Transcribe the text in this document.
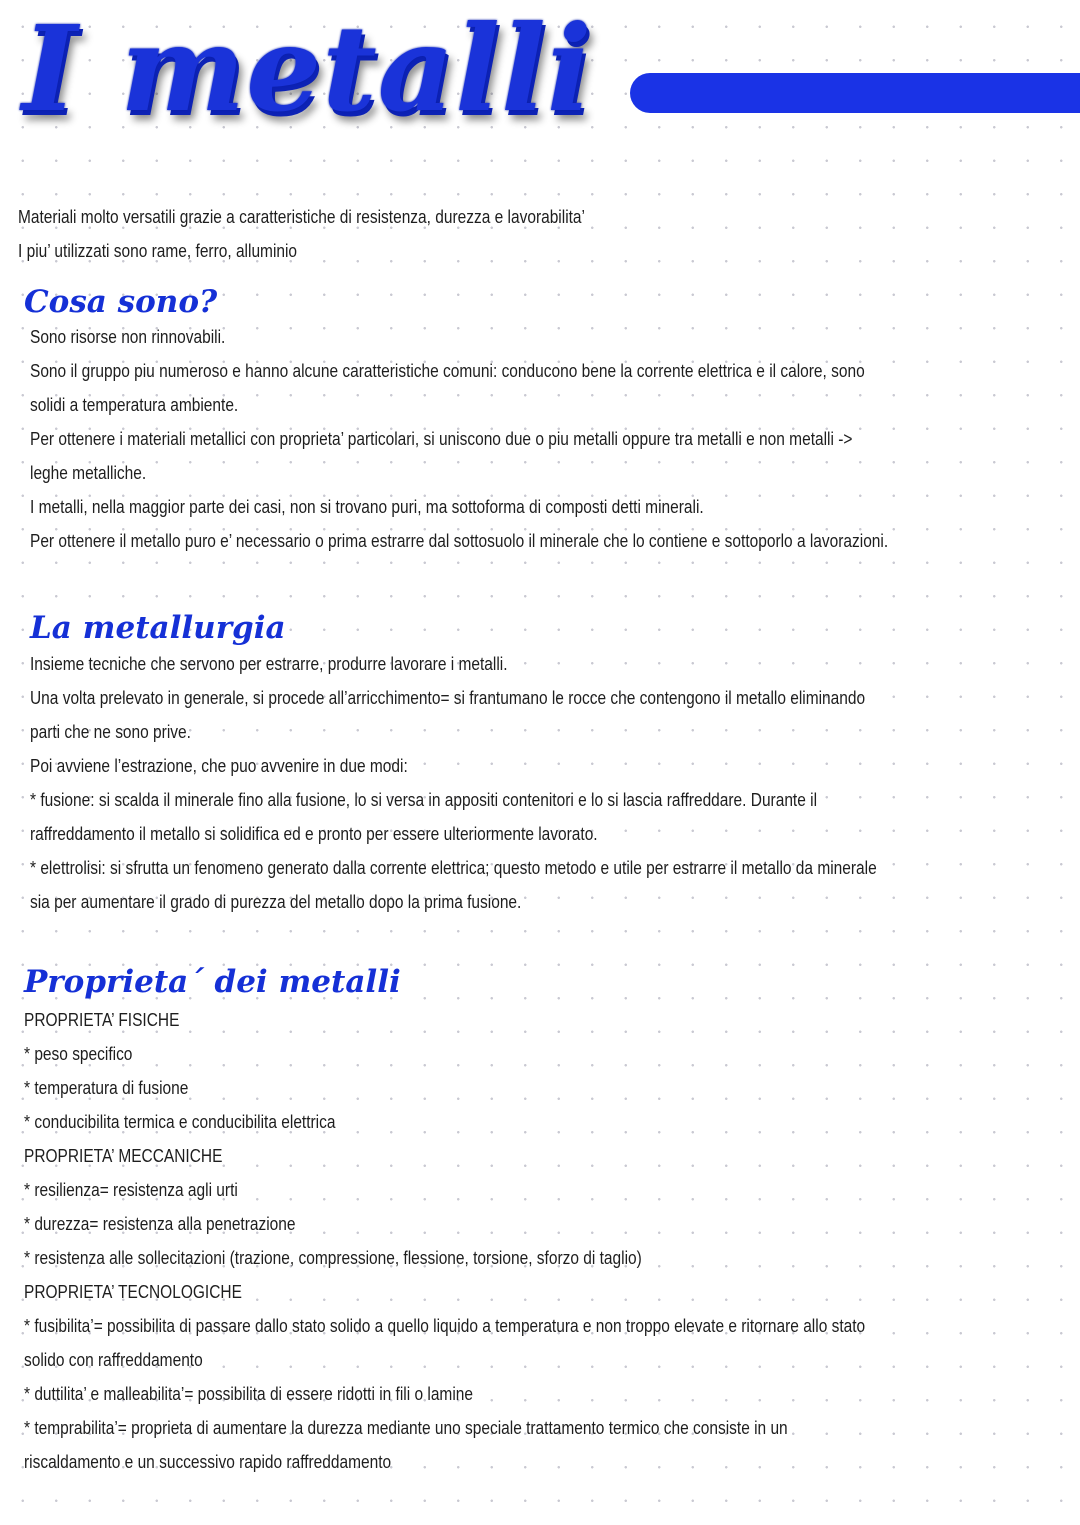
I metalli

Materiali molto versatili grazie a caratteristiche di resistenza, durezza e lavorabilita’

I piu’ utilizzati sono rame, ferro, alluminio

Cosa sono?

Sono risorse non rinnovabili.

Sono il gruppo piu numeroso e hanno alcune caratteristiche comuni: conducono bene la corrente elettrica e il calore, sono

solidi a temperatura ambiente.

Per ottenere i materiali metallici con proprieta’ particolari, si uniscono due o piu metalli oppure tra metalli e non metalli ->

leghe metalliche.

I metalli, nella maggior parte dei casi, non si trovano puri, ma sottoforma di composti detti minerali.

Per ottenere il metallo puro e’ necessario o prima estrarre dal sottosuolo il minerale che lo contiene e sottoporlo a lavorazioni.

La metallurgia

Insieme tecniche che servono per estrarre, produrre lavorare i metalli.

Una volta prelevato in generale, si procede all’arricchimento= si frantumano le rocce che contengono il metallo eliminando

parti che ne sono prive.

Poi avviene l’estrazione, che puo avvenire in due modi:

* fusione: si scalda il minerale fino alla fusione, lo si versa in appositi contenitori e lo si lascia raffreddare. Durante il

raffreddamento il metallo si solidifica ed e pronto per essere ulteriormente lavorato.

* elettrolisi: si sfrutta un fenomeno generato dalla corrente elettrica; questo metodo e utile per estrarre il metallo da minerale

sia per aumentare il grado di purezza del metallo dopo la prima fusione.

Proprieta´ dei metalli

PROPRIETA’ FISICHE

* peso specifico

* temperatura di fusione

* conducibilita termica e conducibilita elettrica

PROPRIETA’ MECCANICHE

* resilienza= resistenza agli urti

* durezza= resistenza alla penetrazione

* resistenza alle sollecitazioni (trazione, compressione, flessione, torsione, sforzo di taglio)

PROPRIETA’ TECNOLOGICHE

* fusibilita’= possibilita di passare dallo stato solido a quello liquido a temperatura e non troppo elevate e ritornare allo stato

solido con raffreddamento

* duttilita’ e malleabilita’= possibilita di essere ridotti in fili o lamine

* temprabilita’= proprieta di aumentare la durezza mediante uno speciale trattamento termico che consiste in un

riscaldamento e un successivo rapido raffreddamento
